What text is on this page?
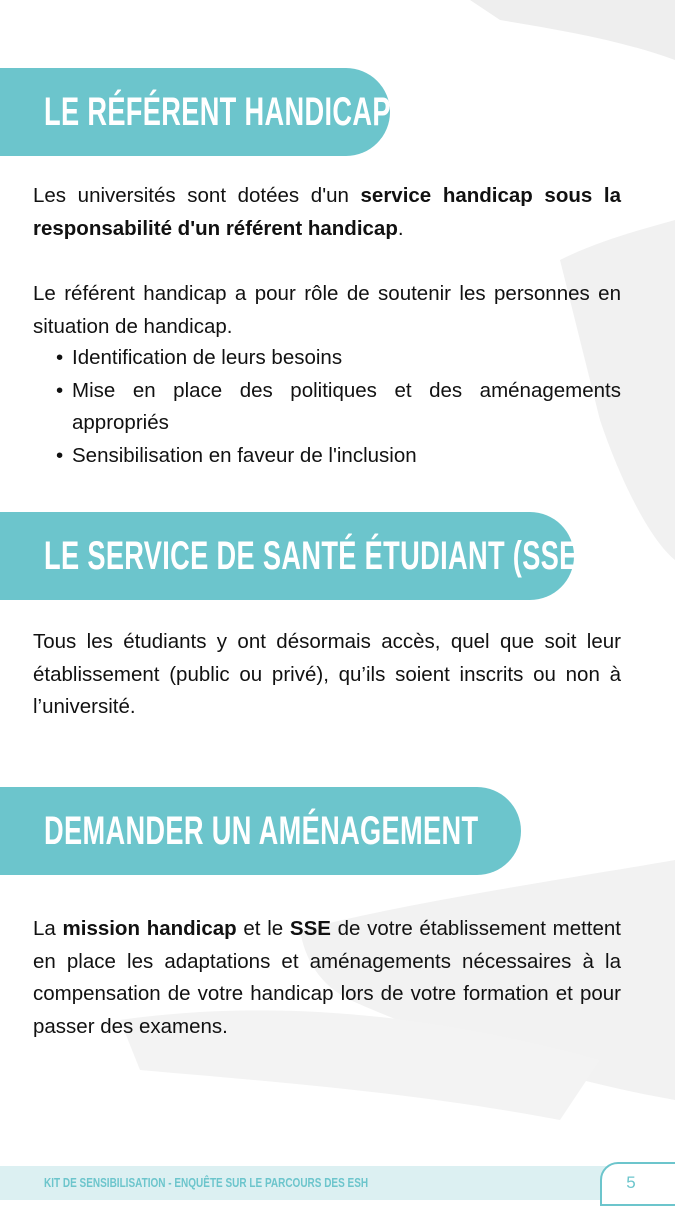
LE RÉFÉRENT HANDICAP

Les universités sont dotées d'un service handicap sous la responsabilité d'un référent handicap.

Le référent handicap a pour rôle de soutenir les personnes en situation de handicap.

• Identification de leurs besoins
• Mise en place des politiques et des aménagements appropriés
• Sensibilisation en faveur de l'inclusion
LE SERVICE DE SANTÉ ÉTUDIANT (SSE)

Tous les étudiants y ont désormais accès, quel que soit leur établissement (public ou privé), qu’ils soient inscrits ou non à l’université.

DEMANDER UN AMÉNAGEMENT

La mission handicap et le SSE de votre établissement mettent en place les adaptations et aménagements nécessaires à la compensation de votre handicap lors de votre formation et pour passer des examens.

KIT DE SENSIBILISATION - ENQUÊTE SUR LE PARCOURS DES ESH	5
